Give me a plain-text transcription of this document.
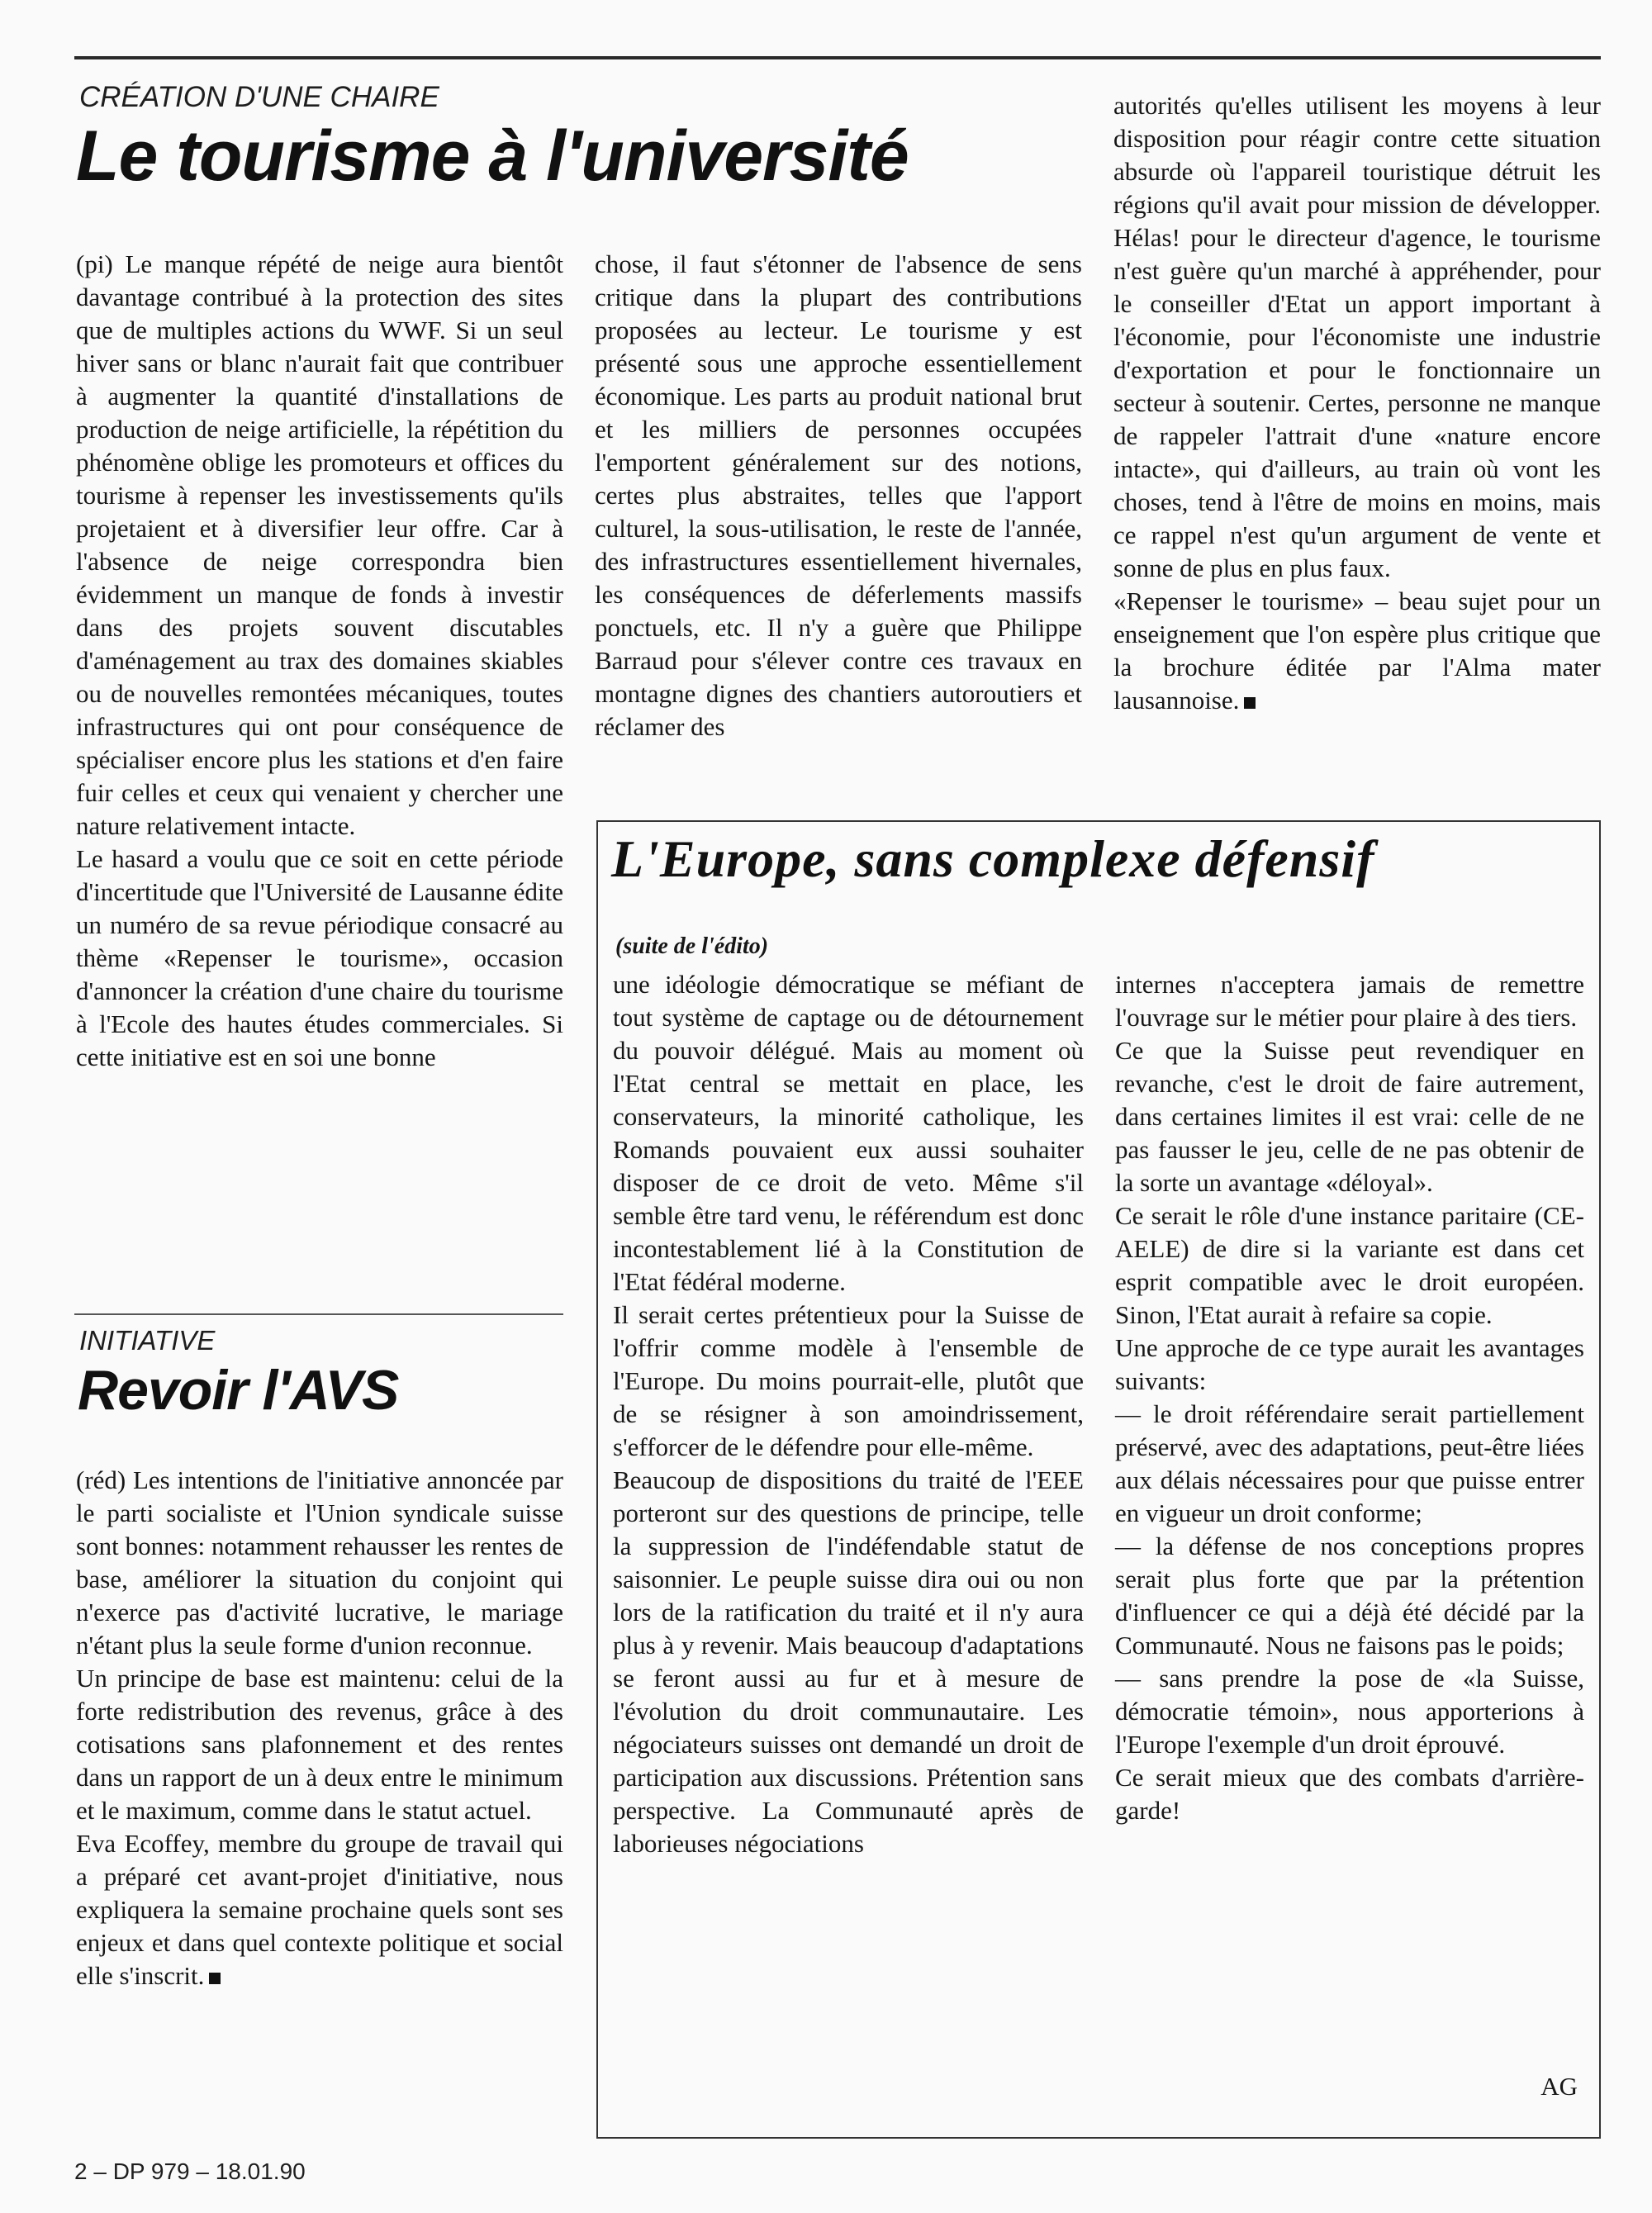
CRÉATION D'UNE CHAIRE
Le tourisme à l'université

(pi) Le manque répété de neige aura bientôt davantage contribué à la protection des sites que de multiples actions du WWF. Si un seul hiver sans or blanc n'aurait fait que contribuer à augmenter la quantité d'installations de production de neige artificielle, la répétition du phénomène oblige les promoteurs et offices du tourisme à repenser les investissements qu'ils projetaient et à diversifier leur offre. Car à l'absence de neige correspondra bien évidemment un manque de fonds à investir dans des projets souvent discutables d'aménagement au trax des domaines skiables ou de nouvelles remontées mécaniques, toutes infrastructures qui ont pour conséquence de spécialiser encore plus les stations et d'en faire fuir celles et ceux qui venaient y chercher une nature relativement intacte.

Le hasard a voulu que ce soit en cette période d'incertitude que l'Université de Lausanne édite un numéro de sa revue périodique consacré au thème «Repenser le tourisme», occasion d'annoncer la création d'une chaire du tourisme à l'Ecole des hautes études commerciales. Si cette initiative est en soi une bonne

chose, il faut s'étonner de l'absence de sens critique dans la plupart des contributions proposées au lecteur. Le tourisme y est présenté sous une approche essentiellement économique. Les parts au produit national brut et les milliers de personnes occupées l'emportent généralement sur des notions, certes plus abstraites, telles que l'apport culturel, la sous-utilisation, le reste de l'année, des infrastructures essentiellement hivernales, les conséquences de déferlements massifs ponctuels, etc. Il n'y a guère que Philippe Barraud pour s'élever contre ces travaux en montagne dignes des chantiers autoroutiers et réclamer des

autorités qu'elles utilisent les moyens à leur disposition pour réagir contre cette situation absurde où l'appareil touristique détruit les régions qu'il avait pour mission de développer. Hélas! pour le directeur d'agence, le tourisme n'est guère qu'un marché à appréhender, pour le conseiller d'Etat un apport important à l'économie, pour l'économiste une industrie d'exportation et pour le fonctionnaire un secteur à soutenir. Certes, personne ne manque de rappeler l'attrait d'une «nature encore intacte», qui d'ailleurs, au train où vont les choses, tend à l'être de moins en moins, mais ce rappel n'est qu'un argument de vente et sonne de plus en plus faux.

«Repenser le tourisme» – beau sujet pour un enseignement que l'on espère plus critique que la brochure éditée par l'Alma mater lausannoise.

INITIATIVE
Revoir l'AVS

(réd) Les intentions de l'initiative annoncée par le parti socialiste et l'Union syndicale suisse sont bonnes: notamment rehausser les rentes de base, améliorer la situation du conjoint qui n'exerce pas d'activité lucrative, le mariage n'étant plus la seule forme d'union reconnue.

Un principe de base est maintenu: celui de la forte redistribution des revenus, grâce à des cotisations sans plafonnement et des rentes dans un rapport de un à deux entre le minimum et le maximum, comme dans le statut actuel.

Eva Ecoffey, membre du groupe de travail qui a préparé cet avant-projet d'initiative, nous expliquera la semaine prochaine quels sont ses enjeux et dans quel contexte politique et social elle s'inscrit.

L'Europe, sans complexe défensif
(suite de l'édito)

une idéologie démocratique se méfiant de tout système de captage ou de détournement du pouvoir délégué. Mais au moment où l'Etat central se mettait en place, les conservateurs, la minorité catholique, les Romands pouvaient eux aussi souhaiter disposer de ce droit de veto. Même s'il semble être tard venu, le référendum est donc incontestablement lié à la Constitution de l'Etat fédéral moderne.

Il serait certes prétentieux pour la Suisse de l'offrir comme modèle à l'ensemble de l'Europe. Du moins pourrait-elle, plutôt que de se résigner à son amoindrissement, s'efforcer de le défendre pour elle-même.

Beaucoup de dispositions du traité de l'EEE porteront sur des questions de principe, telle la suppression de l'indéfendable statut de saisonnier. Le peuple suisse dira oui ou non lors de la ratification du traité et il n'y aura plus à y revenir. Mais beaucoup d'adaptations se feront aussi au fur et à mesure de l'évolution du droit communautaire. Les négociateurs suisses ont demandé un droit de participation aux discussions. Prétention sans perspective. La Communauté après de laborieuses négociations

internes n'acceptera jamais de remettre l'ouvrage sur le métier pour plaire à des tiers.

Ce que la Suisse peut revendiquer en revanche, c'est le droit de faire autrement, dans certaines limites il est vrai: celle de ne pas fausser le jeu, celle de ne pas obtenir de la sorte un avantage «déloyal».

Ce serait le rôle d'une instance paritaire (CE-AELE) de dire si la variante est dans cet esprit compatible avec le droit européen. Sinon, l'Etat aurait à refaire sa copie.

Une approche de ce type aurait les avantages suivants:

— le droit référendaire serait partiellement préservé, avec des adaptations, peut-être liées aux délais nécessaires pour que puisse entrer en vigueur un droit conforme;

— la défense de nos conceptions propres serait plus forte que par la prétention d'influencer ce qui a déjà été décidé par la Communauté. Nous ne faisons pas le poids;

— sans prendre la pose de «la Suisse, démocratie témoin», nous apporterions à l'Europe l'exemple d'un droit éprouvé.

Ce serait mieux que des combats d'arrière-garde!

AG
2 – DP 979 – 18.01.90
